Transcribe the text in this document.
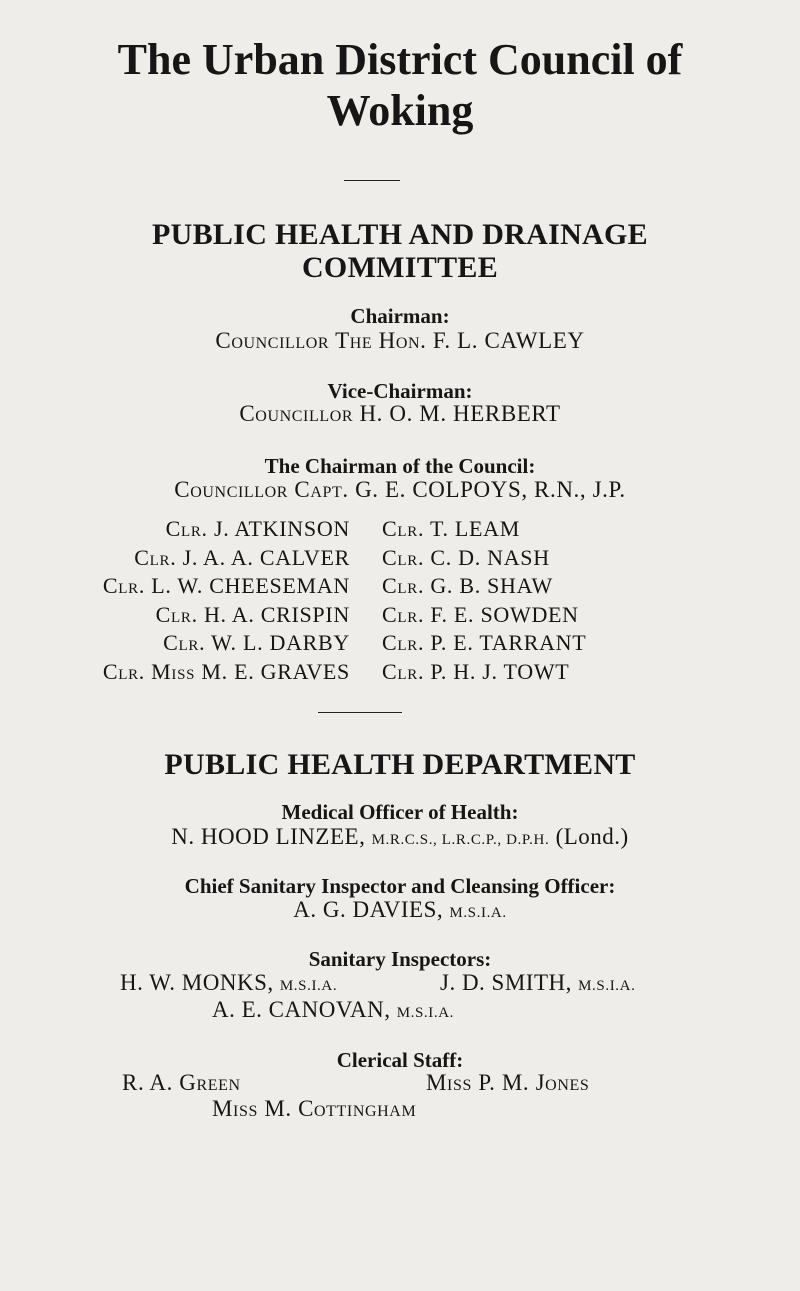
The Urban District Council of
Woking
PUBLIC HEALTH AND DRAINAGE
COMMITTEE
Chairman:
Councillor The Hon. F. L. CAWLEY
Vice-Chairman:
Councillor H. O. M. HERBERT
The Chairman of the Council:
Councillor Capt. G. E. COLPOYS, R.N., J.P.
Clr. J. ATKINSON
Clr. J. A. A. CALVER
Clr. L. W. CHEESEMAN
Clr. H. A. CRISPIN
Clr. W. L. DARBY
Clr. Miss M. E. GRAVES
Clr. T. LEAM
Clr. C. D. NASH
Clr. G. B. SHAW
Clr. F. E. SOWDEN
Clr. P. E. TARRANT
Clr. P. H. J. TOWT
PUBLIC HEALTH DEPARTMENT
Medical Officer of Health:
N. HOOD LINZEE, M.R.C.S., L.R.C.P., D.P.H. (Lond.)
Chief Sanitary Inspector and Cleansing Officer:
A. G. DAVIES, M.S.I.A.
Sanitary Inspectors:
H. W. MONKS, M.S.I.A.	J. D. SMITH, M.S.I.A.
A. E. CANOVAN, M.S.I.A.
Clerical Staff:
R. A. Green	Miss P. M. Jones
Miss M. Cottingham
